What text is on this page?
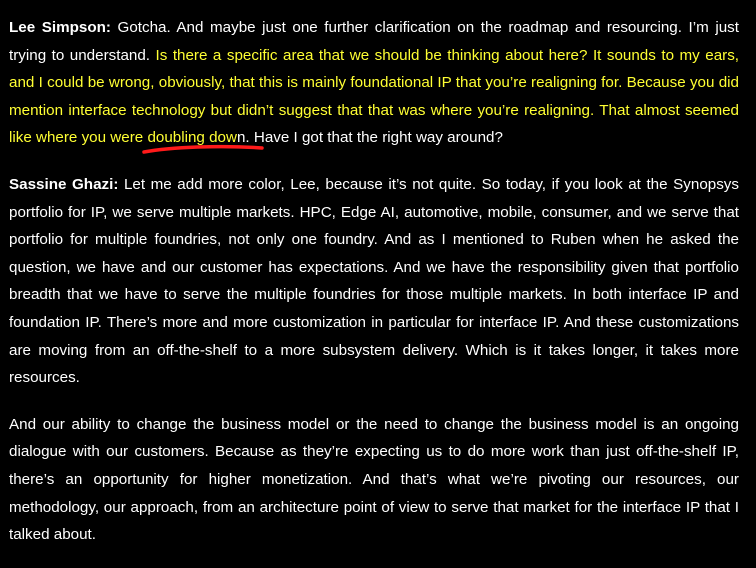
Lee Simpson: Gotcha. And maybe just one further clarification on the roadmap and resourcing. I’m just trying to understand. Is there a specific area that we should be thinking about here? It sounds to my ears, and I could be wrong, obviously, that this is mainly foundational IP that you’re realigning for. Because you did mention interface technology but didn’t suggest that that was where you’re realigning. That almost seemed like where you were doubling down
. Have I got that the right way around?

Sassine Ghazi: Let me add more color, Lee, because it’s not quite. So today, if you look at the Synopsys portfolio for IP, we serve multiple markets. HPC, Edge AI, automotive, mobile, consumer, and we serve that portfolio for multiple foundries, not only one foundry. And as I mentioned to Ruben when he asked the question, we have and our customer has expectations. And we have the responsibility given that portfolio breadth that we have to serve the multiple foundries for those multiple markets. In both interface IP and foundation IP. There’s more and more customization in particular for interface IP. And these customizations are moving from an off-the-shelf to a more subsystem delivery. Which is it takes longer, it takes more resources.

And our ability to change the business model or the need to change the business model is an ongoing dialogue with our customers. Because as they’re expecting us to do more work than just off-the-shelf IP, there’s an opportunity for higher monetization. And that’s what we’re pivoting our resources, our methodology, our approach, from an architecture point of view to serve that market for the interface IP that I talked about.
